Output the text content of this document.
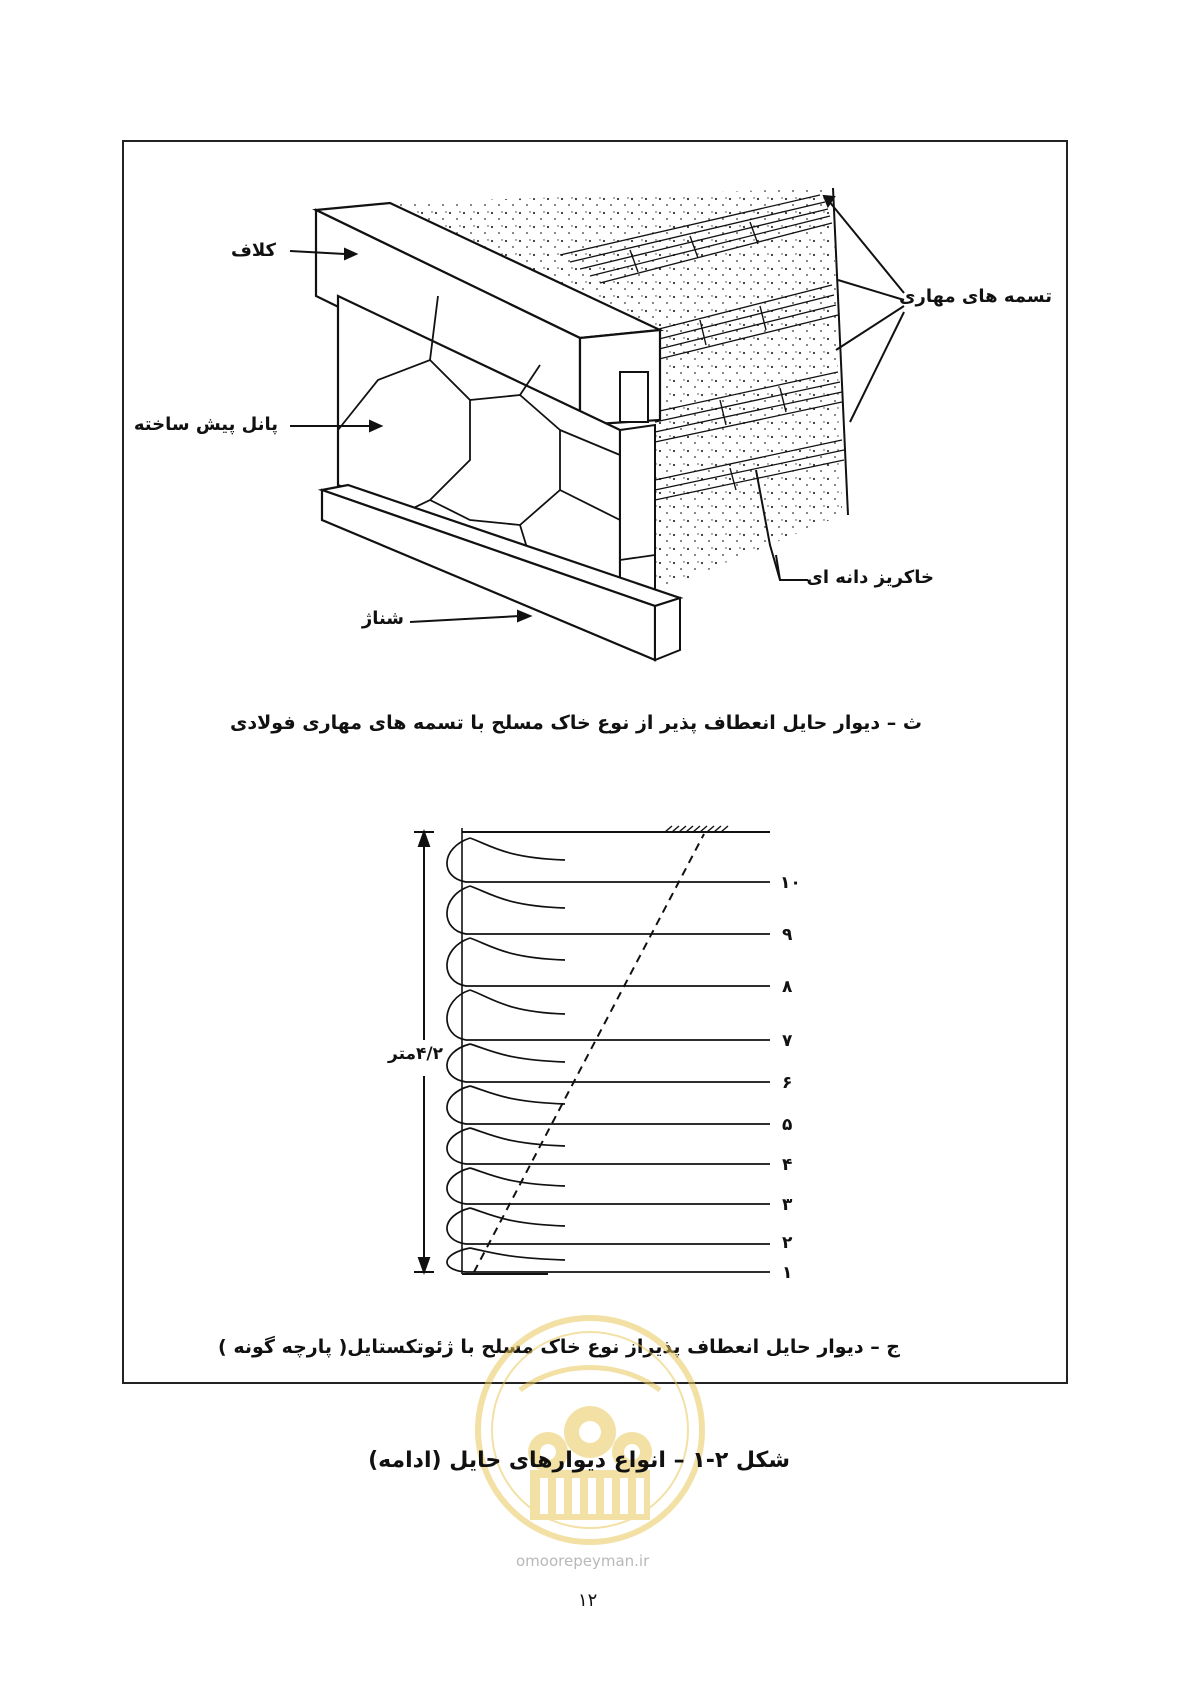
کلاف
پانل پیش ساخته
تسمه های مهاری
خاکریز دانه ای
شناژ
ث – دیوار حایل انعطاف پذیر از نوع خاک مسلح با تسمه های مهاری فولادی
۴/۲متر
۱۰
۹
۸
۷
۶
۵
۴
۳
۲
۱
ج – دیوار حایل انعطاف پذیراز نوع خاک مسلح با ژئوتکستایل( پارچه گونه )
شکل ۲-۱ – انواع دیوارهای حایل (ادامه)
omoorepeyman.ir
۱۲
